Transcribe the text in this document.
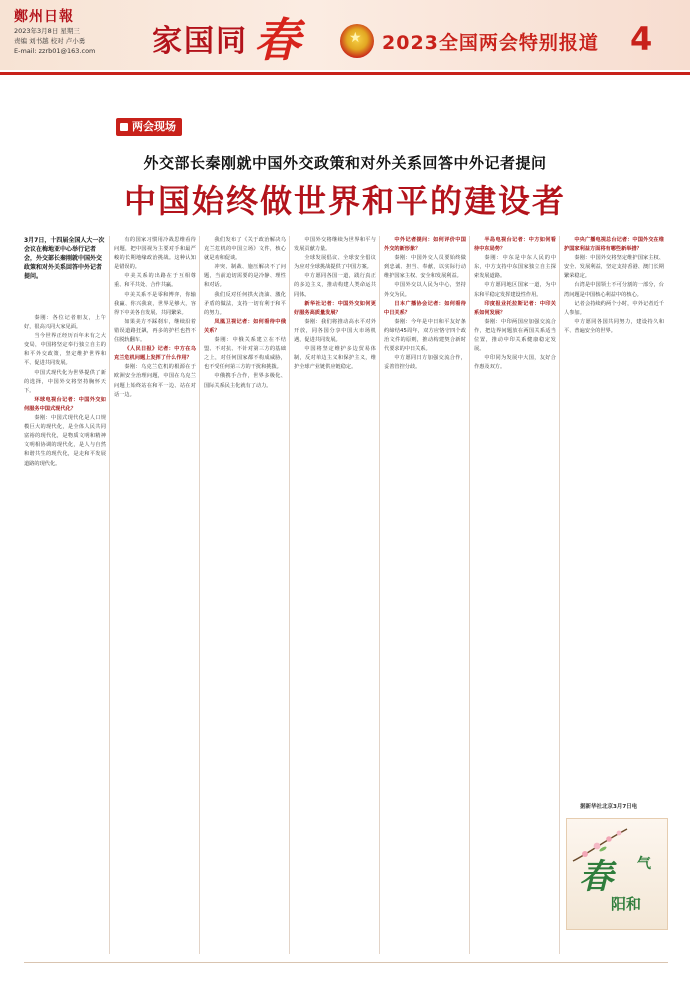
鄭州日報
2023年3月8日 星期三
责编 刘书越 校对 卢小勇
E-mail: zzrb01@163.com 家国同 春	★ 2023全国两会特别报道 4
两会现场
外交部长秦刚就中国外交政策和对外关系回答中外记者提问
中国始终做世界和平的建设者

3月7日，十四届全国人大一次会议在梅地亚中心举行记者会，外交部长秦刚就中国外交政策和对外关系回答中外记者提问。

秦刚：各位记者朋友，上午好，很高兴同大家见面。

当今世界正经历百年未有之大变局，中国将坚定奉行独立自主的和平外交政策，坚定维护世界和平、促进共同发展。

中国式现代化为世界提供了新的选择，中国外交将坚持胸怀天下。

环球电视台记者：中国外交如何服务中国式现代化？

秦刚：中国式现代化是人口规模巨大的现代化，是全体人民共同富裕的现代化，是物质文明和精神文明相协调的现代化，是人与自然和谐共生的现代化，是走和平发展道路的现代化。

有的国家习惯用冷战思维看待问题，把中国视为主要对手和最严峻的长期地缘政治挑战。这种认知是错误的。

中美关系的出路在于互相尊重、和平共处、合作共赢。

中美关系不是零和博弈，你输我赢、你兴我衰，世界足够大，容得下中美各自发展、共同繁荣。

如果美方不踩刹车，继续沿着错误道路狂飙，再多的护栏也挡不住脱轨翻车。

《人民日报》记者：中方在乌克兰危机问题上发挥了什么作用？

秦刚：乌克兰危机的根源在于欧洲安全治理问题，中国在乌克兰问题上始终站在和平一边、站在对话一边。

我们发布了《关于政治解决乌克兰危机的中国立场》文件，核心就是劝和促谈。

冲突、制裁、施压解决不了问题，当前迫切需要的是冷静、理性和对话。

我们反对任何拱火浇油、激化矛盾的做法，支持一切有利于和平的努力。

凤凰卫视记者：如何看待中俄关系？

秦刚：中俄关系建立在不结盟、不对抗、不针对第三方的基础之上，对任何国家都不构成威胁，也不受任何第三方的干扰和挑拨。

中俄携手合作，世界多极化、国际关系民主化就有了动力。

中国外交将继续为世界和平与发展贡献力量。

全球发展倡议、全球安全倡议为应对全球挑战提供了中国方案。

中方愿同各国一道，践行真正的多边主义，推动构建人类命运共同体。

新华社记者：中国外交如何更好服务高质量发展？

秦刚：我们将推动高水平对外开放，同各国分享中国大市场机遇，促进共同发展。

中国将坚定维护多边贸易体制，反对单边主义和保护主义，维护全球产业链供应链稳定。

中外记者提问：如何评价中国外交的新形象？

秦刚：中国外交人员要始终做到忠诚、担当、奉献，以实际行动维护国家主权、安全和发展利益。

中国外交以人民为中心，坚持外交为民。

日本广播协会记者：如何看待中日关系？

秦刚：今年是中日和平友好条约缔结45周年，双方应恪守四个政治文件的原则，推动构建契合新时代要求的中日关系。

中方愿同日方加强交流合作，妥善管控分歧。

半岛电视台记者：中方如何看待中东局势？

秦刚：中东是中东人民的中东，中方支持中东国家独立自主探索发展道路。

中方愿同地区国家一道，为中东和平稳定发挥建设性作用。

印度报业托拉斯记者：中印关系如何发展？

秦刚：中印两国应加强交流合作，把边界问题放在两国关系适当位置，推动中印关系健康稳定发展。

中印同为发展中大国，友好合作惠及双方。

中央广播电视总台记者：中国外交在维护国家利益方面将有哪些新举措？

秦刚：中国外交将坚定维护国家主权、安全、发展利益，坚定支持香港、澳门长期繁荣稳定。

台湾是中国领土不可分割的一部分，台湾问题是中国核心利益中的核心。

记者会持续约两个小时，中外记者近千人参加。

中方愿同各国共同努力，建设持久和平、普遍安全的世界。

据新华社北京3月7日电
春 气
阳和
